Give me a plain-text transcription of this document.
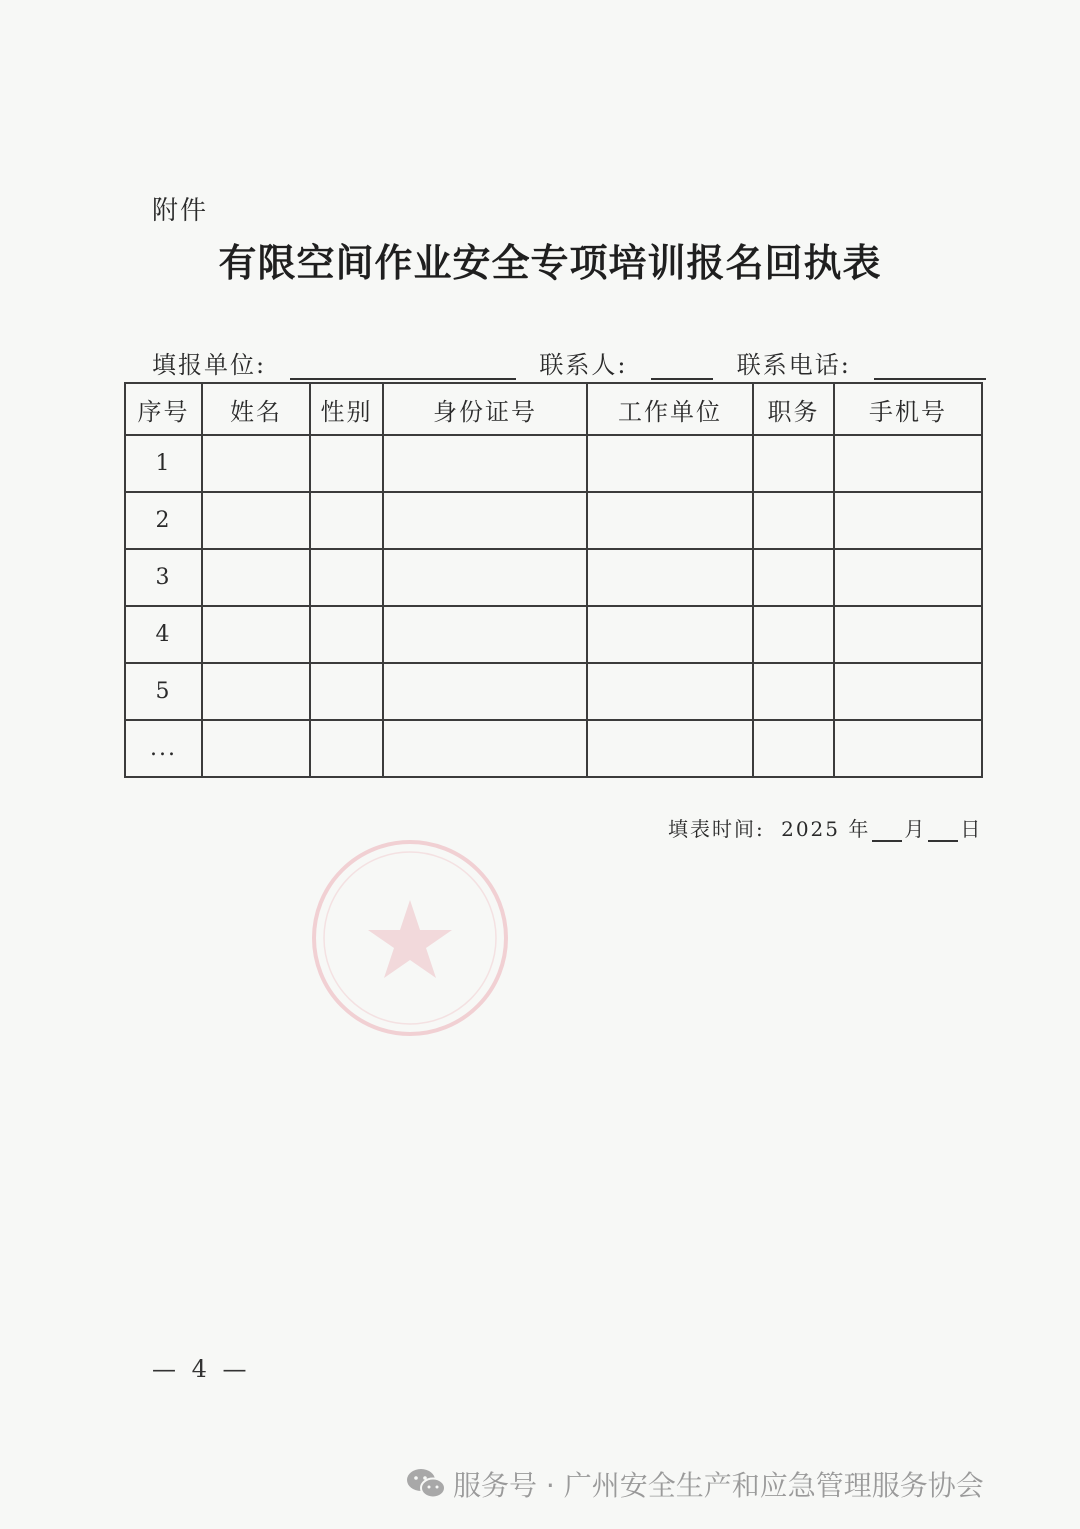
附件
有限空间作业安全专项培训报名回执表
填报单位:	联系人:	联系电话:
序号	姓名	性别	身份证号	工作单位	职务	手机号
1						
2						
3						
4						
5						
...						
填表时间: 2025 年 月 日
— 4 —
服务号 · 广州安全生产和应急管理服务协会
